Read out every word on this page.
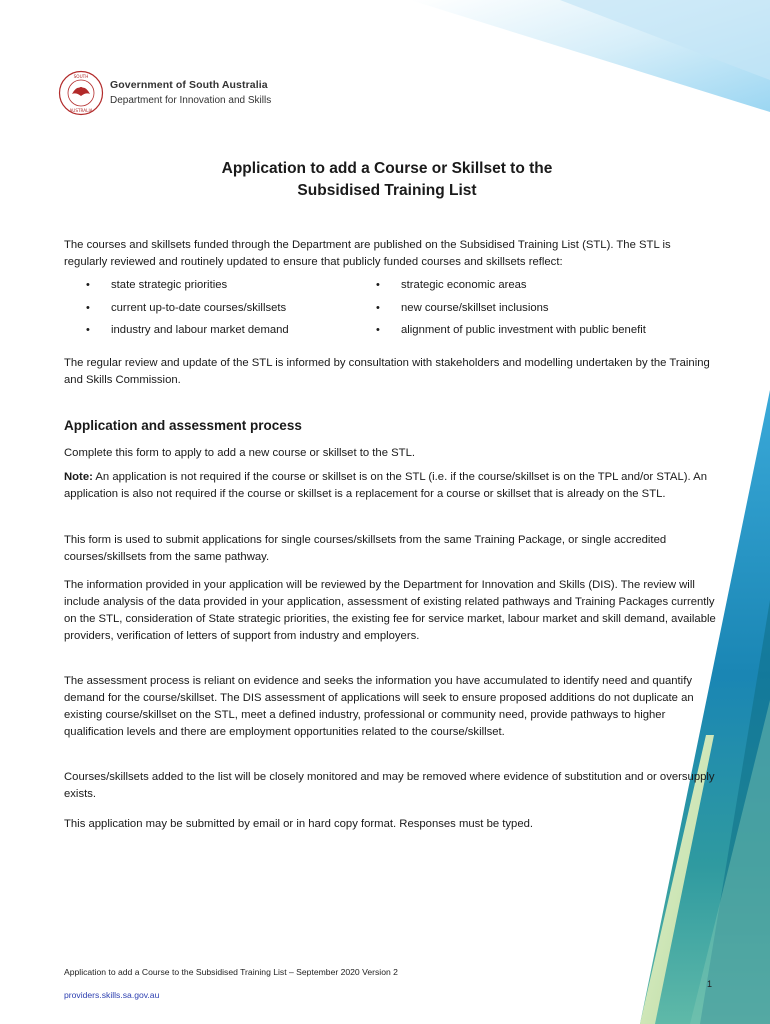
SOUTH
AUSTRALIA
Government of South Australia
Department for Innovation and Skills
Application to add a Course or Skillset to the
Subsidised Training List

The courses and skillsets funded through the Department are published on the Subsidised Training List (STL). The STL is regularly reviewed and routinely updated to ensure that publicly funded courses and skillsets reflect:

•	state strategic priorities
•	current up-to-date courses/skillsets
•	industry and labour market demand
•	strategic economic areas
•	new course/skillset inclusions
•	alignment of public investment with public benefit

The regular review and update of the STL is informed by consultation with stakeholders and modelling undertaken by the Training and Skills Commission.

Application and assessment process

Complete this form to apply to add a new course or skillset to the STL.

Note: An application is not required if the course or skillset is on the STL (i.e. if the course/skillset is on the TPL and/or STAL). An application is also not required if the course or skillset is a replacement for a course or skillset that is already on the STL.

This form is used to submit applications for single courses/skillsets from the same Training Package, or single accredited courses/skillsets from the same pathway.

The information provided in your application will be reviewed by the Department for Innovation and Skills (DIS). The review will include analysis of the data provided in your application, assessment of existing related pathways and Training Packages currently on the STL, consideration of State strategic priorities, the existing fee for service market, labour market and skill demand, available providers, verification of letters of support from industry and employers.

The assessment process is reliant on evidence and seeks the information you have accumulated to identify need and quantify demand for the course/skillset. The DIS assessment of applications will seek to ensure proposed additions do not duplicate an existing course/skillset on the STL, meet a defined industry, professional or community need, provide pathways to higher qualification levels and there are employment opportunities related to the course/skillset.

Courses/skillsets added to the list will be closely monitored and may be removed where evidence of substitution and or oversupply exists.

This application may be submitted by email or in hard copy format. Responses must be typed.

Application to add a Course to the Subsidised Training List – September 2020 Version 2
providers.skills.sa.gov.au
1
